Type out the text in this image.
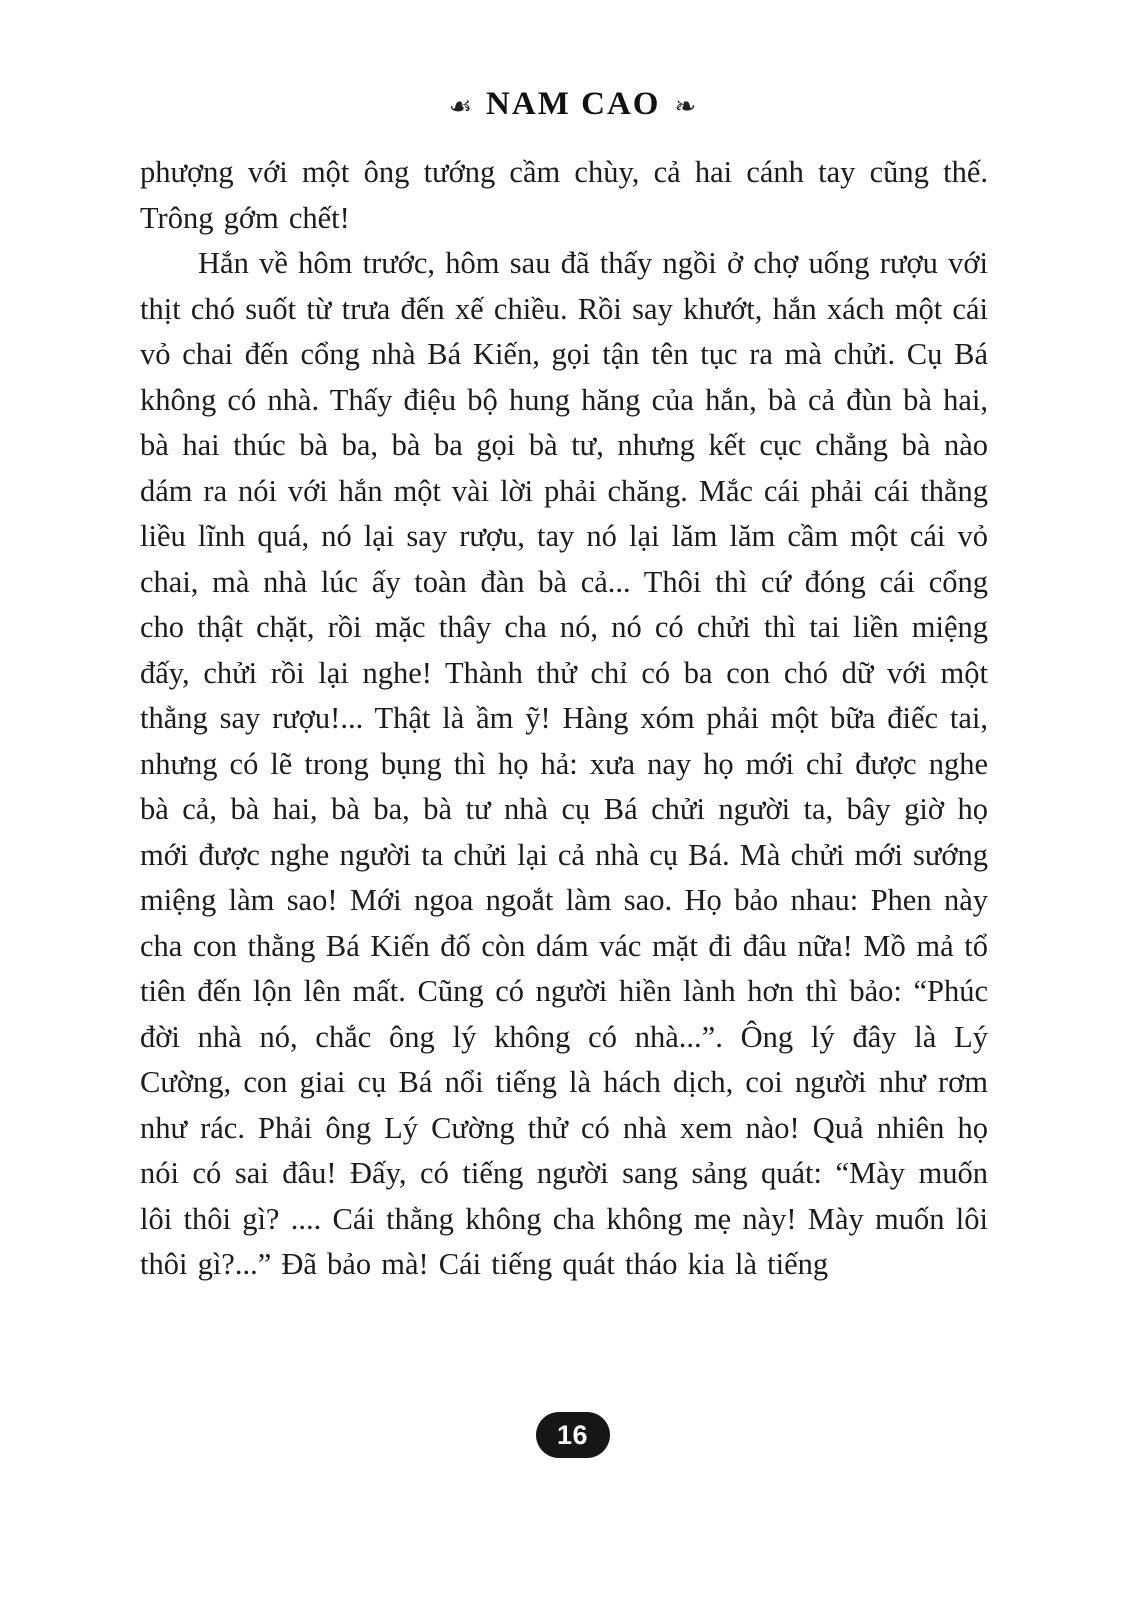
☙ NAM CAO ❧

phượng với một ông tướng cầm chùy, cả hai cánh tay cũng thế. Trông gớm chết!

Hắn về hôm trước, hôm sau đã thấy ngồi ở chợ uống rượu với thịt chó suốt từ trưa đến xế chiều. Rồi say khướt, hắn xách một cái vỏ chai đến cổng nhà Bá Kiến, gọi tận tên tục ra mà chửi. Cụ Bá không có nhà. Thấy điệu bộ hung hăng của hắn, bà cả đùn bà hai, bà hai thúc bà ba, bà ba gọi bà tư, nhưng kết cục chẳng bà nào dám ra nói với hắn một vài lời phải chăng. Mắc cái phải cái thằng liều lĩnh quá, nó lại say rượu, tay nó lại lăm lăm cầm một cái vỏ chai, mà nhà lúc ấy toàn đàn bà cả... Thôi thì cứ đóng cái cổng cho thật chặt, rồi mặc thây cha nó, nó có chửi thì tai liền miệng đấy, chửi rồi lại nghe! Thành thử chỉ có ba con chó dữ với một thằng say rượu!... Thật là ầm ỹ! Hàng xóm phải một bữa điếc tai, nhưng có lẽ trong bụng thì họ hả: xưa nay họ mới chỉ được nghe bà cả, bà hai, bà ba, bà tư nhà cụ Bá chửi người ta, bây giờ họ mới được nghe người ta chửi lại cả nhà cụ Bá. Mà chửi mới sướng miệng làm sao! Mới ngoa ngoắt làm sao. Họ bảo nhau: Phen này cha con thằng Bá Kiến đố còn dám vác mặt đi đâu nữa! Mồ mả tổ tiên đến lộn lên mất. Cũng có người hiền lành hơn thì bảo: “Phúc đời nhà nó, chắc ông lý không có nhà...”. Ông lý đây là Lý Cường, con giai cụ Bá nổi tiếng là hách dịch, coi người như rơm như rác. Phải ông Lý Cường thử có nhà xem nào! Quả nhiên họ nói có sai đâu! Đấy, có tiếng người sang sảng quát: “Mày muốn lôi thôi gì? .... Cái thằng không cha không mẹ này! Mày muốn lôi thôi gì?...” Đã bảo mà! Cái tiếng quát tháo kia là tiếng

16
